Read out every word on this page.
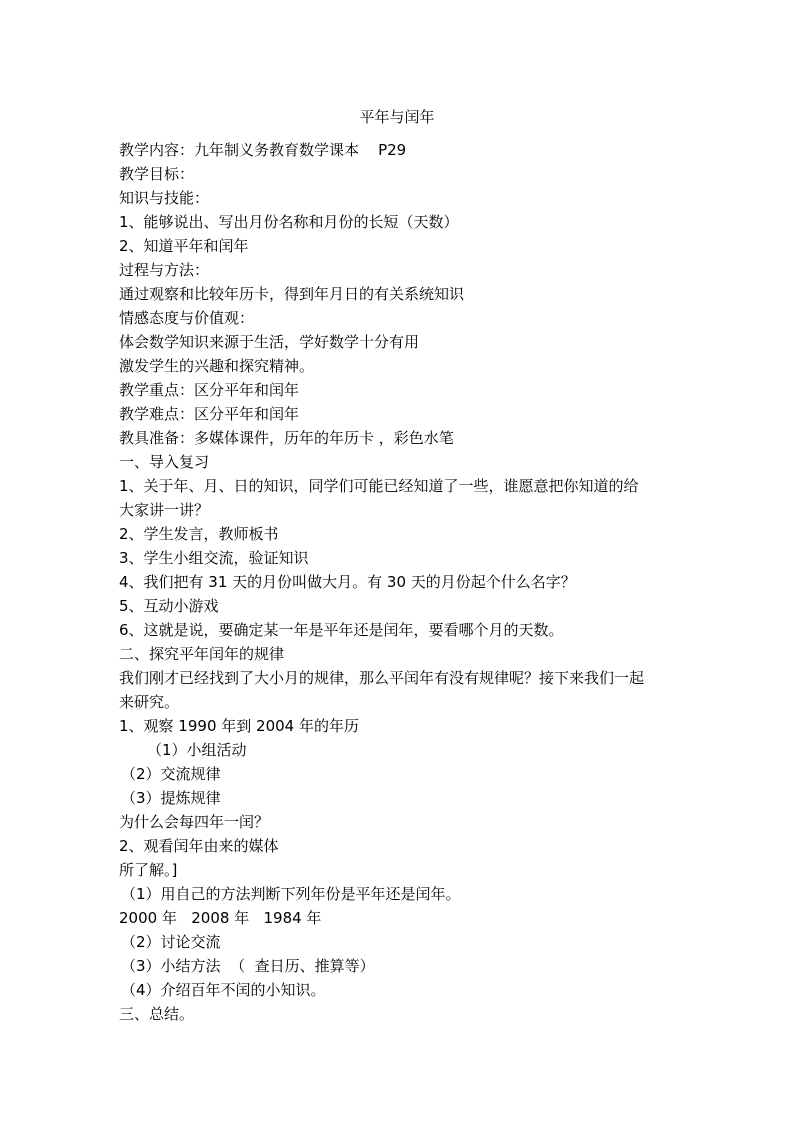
平年与闰年
教学内容：九年制义务教育数学课本    P29
教学目标：
知识与技能：
1、能够说出、写出月份名称和月份的长短（天数）
2、知道平年和闰年
过程与方法：
通过观察和比较年历卡，得到年月日的有关系统知识
情感态度与价值观：
体会数学知识来源于生活，学好数学十分有用
激发学生的兴趣和探究精神。
教学重点：区分平年和闰年
教学难点：区分平年和闰年
教具准备：多媒体课件，历年的年历卡 ，彩色水笔
一、导入复习
1、关于年、月、日的知识，同学们可能已经知道了一些，谁愿意把你知道的给
大家讲一讲？
2、学生发言，教师板书
3、学生小组交流，验证知识
4、我们把有 31 天的月份叫做大月。有 30 天的月份起个什么名字？
5、互动小游戏
6、这就是说，要确定某一年是平年还是闰年，要看哪个月的天数。
二、探究平年闰年的规律
我们刚才已经找到了大小月的规律，那么平闰年有没有规律呢？接下来我们一起
来研究。
1、观察 1990 年到 2004 年的年历
（1）小组活动
（2）交流规律
（3）提炼规律
为什么会每四年一闰？
2、观看闰年由来的媒体
所了解。]
（1）用自己的方法判断下列年份是平年还是闰年。
2000 年   2008 年   1984 年
（2）讨论交流
（3）小结方法  （  查日历、推算等）
（4）介绍百年不闰的小知识。
三、总结。
